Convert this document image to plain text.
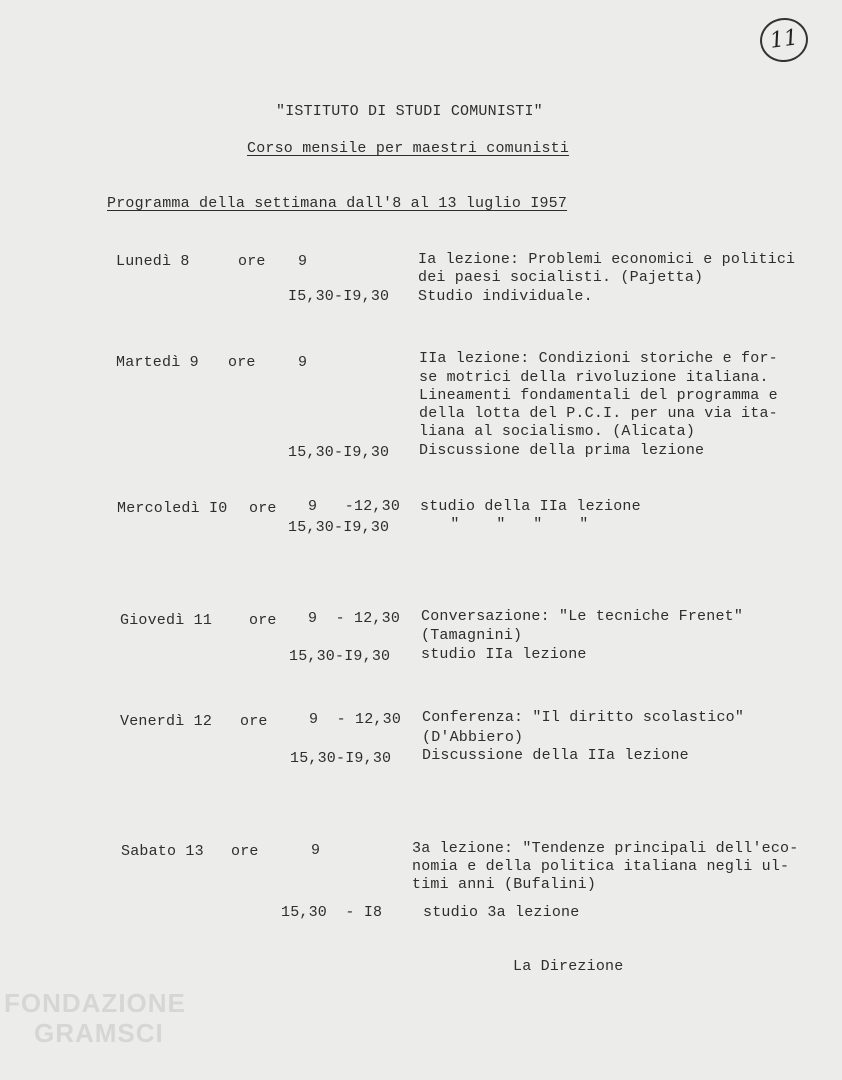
11
"ISTITUTO DI STUDI COMUNISTI"
Corso mensile per maestri comunisti
Programma della settimana dall'8 al 13 luglio I957
Lunedì 8	ore 9	Ia lezione: Problemi economici e politici
dei paesi socialisti. (Pajetta)
I5,30-I9,30 Studio individuale.
Martedì 9 ore	9	IIa lezione: Condizioni storiche e for-
se motrici della rivoluzione italiana.
Lineamenti fondamentali del programma e
della lotta del P.C.I. per una via ita-
liana al socialismo. (Alicata)
15,30-I9,30 Discussione della prima lezione
Mercoledì I0 ore 9   -12,30 studio della IIa lezione
15,30-I9,30	"    "   "    "
Giovedì 11 ore 9  - 12,30 Conversazione: "Le tecniche Frenet"
(Tamagnini)
15,30-I9,30 studio IIa lezione
Venerdì 12 ore	9  - 12,30 Conferenza: "Il diritto scolastico"
(D'Abbiero)
15,30-I9,30 Discussione della IIa lezione
Sabato 13 ore	9	3a lezione: "Tendenze principali dell'eco-
nomia e della politica italiana negli ul-
timi anni (Bufalini)
15,30  - I8	studio 3a lezione
La Direzione
FONDAZIONE
GRAMSCI
